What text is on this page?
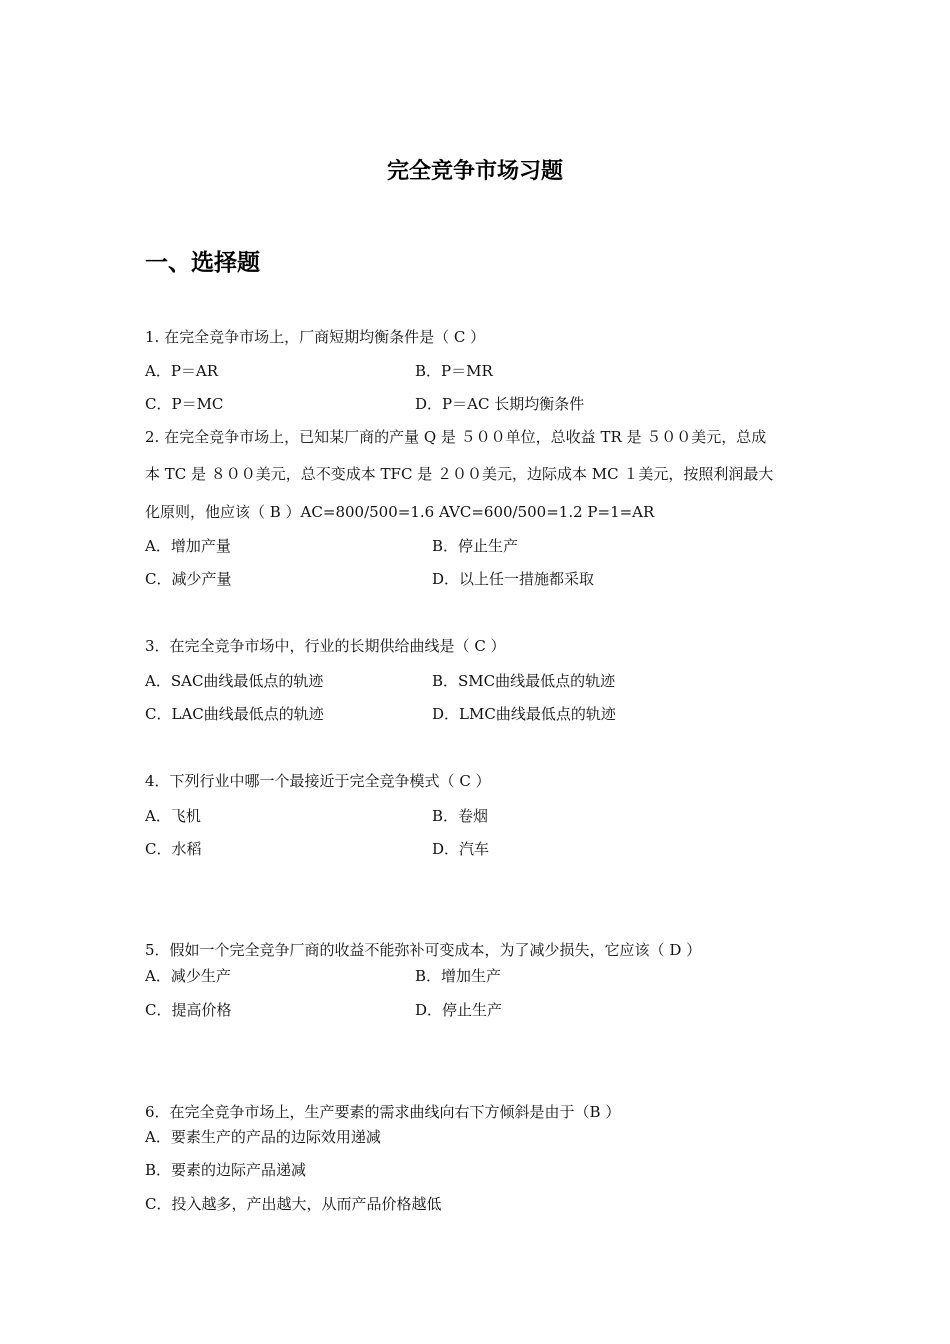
完全竞争市场习题
一、选择题
1. 在完全竞争市场上，厂商短期均衡条件是（ C ）
A．P＝AR	B．P＝MR
C．P＝MC	D．P＝AC 长期均衡条件
2. 在完全竞争市场上，已知某厂商的产量 Q 是 ５００单位，总收益 TR 是 ５００美元，总成
本 TC 是 ８００美元，总不变成本 TFC 是 ２００美元，边际成本 MC １美元，按照利润最大
化原则，他应该（ B ）AC=800/500=1.6 AVC=600/500=1.2 P=1=AR
A．增加产量	B．停止生产
C．减少产量	D．以上任一措施都采取
3．在完全竞争市场中，行业的长期供给曲线是（ C ）
A．SAC曲线最低点的轨迹	B．SMC曲线最低点的轨迹
C．LAC曲线最低点的轨迹	D．LMC曲线最低点的轨迹
4．下列行业中哪一个最接近于完全竞争模式（ C ）
A．飞机	B．卷烟
C．水稻	D．汽车
5．假如一个完全竞争厂商的收益不能弥补可变成本，为了减少损失，它应该（ D ）
A．减少生产	B．增加生产
C．提高价格	D．停止生产
6．在完全竞争市场上，生产要素的需求曲线向右下方倾斜是由于（B ）
A．要素生产的产品的边际效用递减
B．要素的边际产品递减
C．投入越多，产出越大，从而产品价格越低
